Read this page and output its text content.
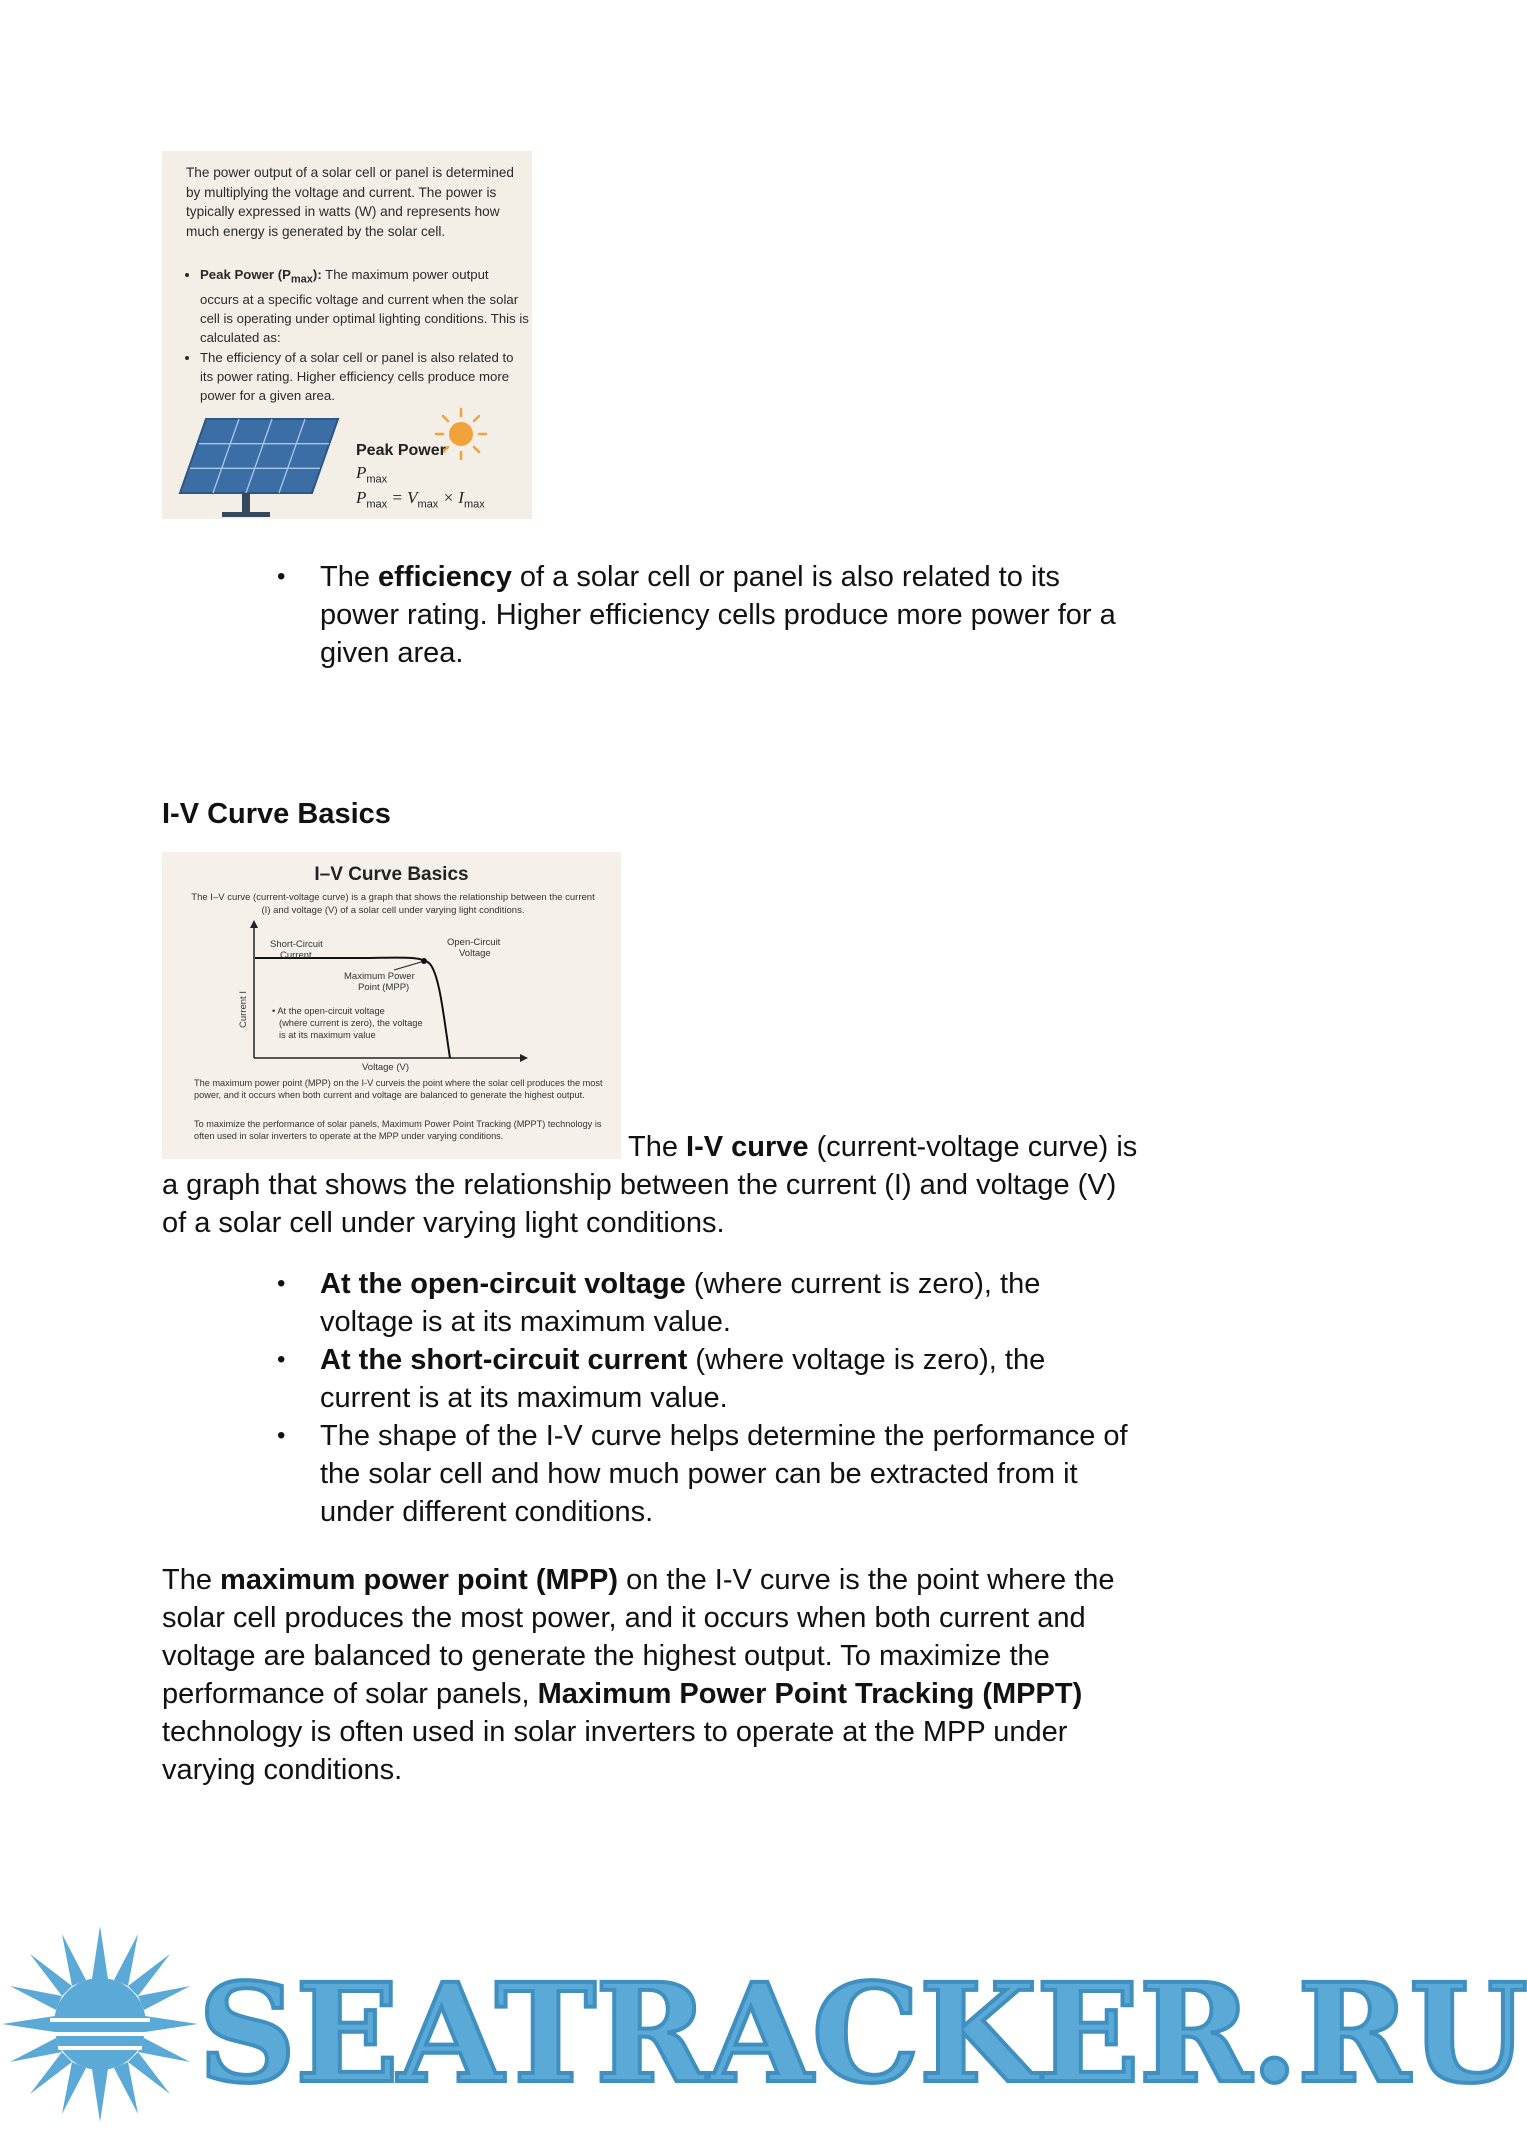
The power output of a solar cell or panel is determined by multiplying the voltage and current. The power is typically expressed in watts (W) and represents how much energy is generated by the solar cell.

• Peak Power $(P_{max})$: The maximum power output occurs at a specific voltage and current when the solar cell is operating under optimal lighting conditions. This is calculated as:
• The efficiency of a solar cell or panel is also related to its power rating. Higher efficiency cells produce more power for a given area.
Peak Power
$P_{max}$
$P_{max} = V_{max} \times I_{max}$
• The efficiency of a solar cell or panel is also related to its power rating. Higher efficiency cells produce more power for a given area.
I-V Curve Basics
I–V Curve Basics
The I–V curve (current-voltage curve) is a graph that shows the relationship between the current (I) and voltage (V) of a solar cell under varying light conditions.
Short-Circuit
Current
Open-Circuit
Voltage
Maximum Power
Point (MPP)
• At the open-circuit voltage
(where current is zero), the voltage
is at its maximum value
Current I
Voltage (V)

The maximum power point (MPP) on the I-V curveis the point where the solar cell produces the most power, and it occurs when both current and voltage are balanced to generate the highest output.

To maximize the performance of solar panels, Maximum Power Point Tracking (MPPT) technology is often used in solar inverters to operate at the MPP under varying conditions.	The I-V curve (current-voltage curve) is a graph that shows the relationship between the current (I) and voltage (V) of a solar cell under varying light conditions.

• At the open-circuit voltage (where current is zero), the voltage is at its maximum value.
• At the short-circuit current (where voltage is zero), the current is at its maximum value.
• The shape of the I-V curve helps determine the performance of the solar cell and how much power can be extracted from it under different conditions.

The maximum power point (MPP) on the I-V curve is the point where the solar cell produces the most power, and it occurs when both current and voltage are balanced to generate the highest output. To maximize the performance of solar panels, Maximum Power Point Tracking (MPPT) technology is often used in solar inverters to operate at the MPP under varying conditions.

SEATRACKER.RU
